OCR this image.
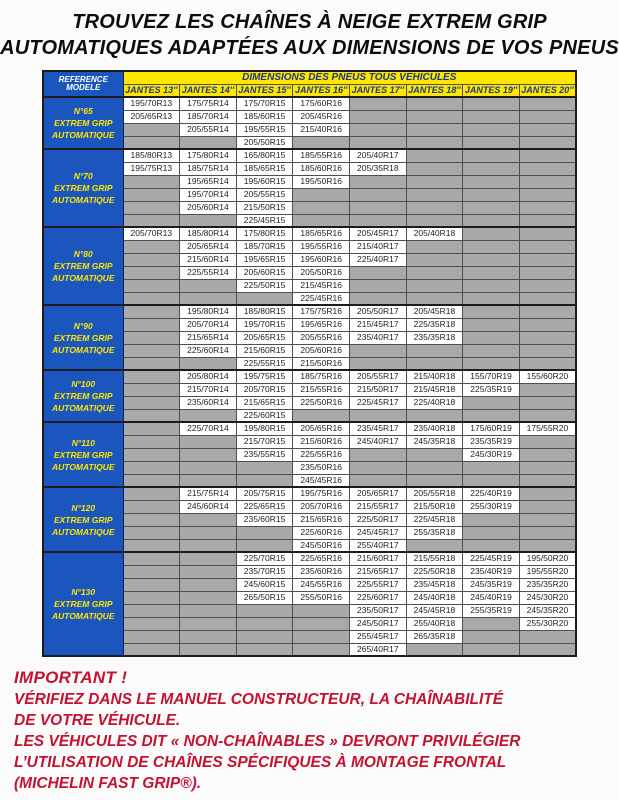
TROUVEZ LES CHAÎNES À NEIGE EXTREM GRIP
AUTOMATIQUES ADAPTÉES AUX DIMENSIONS DE VOS PNEUS
REFERENCE
MODELE	DIMENSIONS DES PNEUS TOUS VEHICULES							
	JANTES 13''	JANTES 14''	JANTES 15''	JANTES 16''	JANTES 17''	JANTES 18''	JANTES 19''	JANTES 20''

N°65
EXTREM GRIP
AUTOMATIQUE	195/70R13	175/75R14	175/70R15	175/60R16				
	205/65R13	185/70R14	185/60R15	205/45R16				
		205/55R14	195/55R15	215/40R16				
			205/50R15					

N°70
EXTREM GRIP
AUTOMATIQUE	185/80R13	175/80R14	165/80R15	185/55R16	205/40R17			
	195/75R13	185/75R14	185/65R15	185/60R16	205/35R18			
		195/65R14	195/60R15	195/50R16				
		195/70R14	205/55R15					
		205/60R14	215/50R15					
			225/45R15					

N°80
EXTREM GRIP
AUTOMATIQUE	205/70R13	185/80R14	175/80R15	185/65R16	205/45R17	205/40R18		
		205/65R14	185/70R15	195/55R16	215/40R17			
		215/60R14	195/65R15	195/60R16	225/40R17			
		225/55R14	205/60R15	205/50R16				
			225/50R15	215/45R16				
				225/45R16				

N°90
EXTREM GRIP
AUTOMATIQUE		195/80R14	185/80R15	175/75R16	205/50R17	205/45R18		
		205/70R14	195/70R15	195/65R16	215/45R17	225/35R18		
		215/65R14	205/65R15	205/55R16	235/40R17	235/35R18		
		225/60R14	215/60R15	205/60R16				
			225/55R15	215/50R16				

N°100
EXTREM GRIP
AUTOMATIQUE		205/80R14	195/75R15	185/75R16	205/55R17	215/40R18	155/70R19	155/60R20
		215/70R14	205/70R15	215/55R16	215/50R17	215/45R18	225/35R19	
		235/60R14	215/65R15	225/50R16	225/45R17	225/40R18		
			225/60R15					

N°110
EXTREM GRIP
AUTOMATIQUE		225/70R14	195/80R15	205/65R16	235/45R17	235/40R18	175/60R19	175/55R20
			215/70R15	215/60R16	245/40R17	245/35R18	235/35R19	
			235/55R15	225/55R16			245/30R19	
				235/50R16				
				245/45R16				

N°120
EXTREM GRIP
AUTOMATIQUE		215/75R14	205/75R15	195/75R16	205/65R17	205/55R18	225/40R19	
		245/60R14	225/65R15	205/70R16	215/55R17	215/50R18	255/30R19	
			235/60R15	215/65R16	225/50R17	225/45R18		
				225/60R16	245/45R17	255/35R18		
				245/50R16	255/40R17			

N°130
EXTREM GRIP
AUTOMATIQUE			225/70R15	225/65R16	215/60R17	215/55R18	225/45R19	195/50R20
			235/70R15	235/60R16	215/65R17	225/50R18	235/40R19	195/55R20
			245/60R15	245/55R16	225/55R17	235/45R18	245/35R19	235/35R20
			265/50R15	255/50R16	225/60R17	245/40R18	245/40R19	245/30R20
					235/50R17	245/45R18	255/35R19	245/35R20
					245/50R17	255/40R18		255/30R20
					255/45R17	265/35R18		
					265/40R17			

IMPORTANT !

VÉRIFIEZ DANS LE MANUEL CONSTRUCTEUR, LA CHAÎNABILITÉ

DE VOTRE VÉHICULE.

LES VÉHICULES DIT « NON-CHAÎNABLES » DEVRONT PRIVILÉGIER

L’UTILISATION DE CHAÎNES SPÉCIFIQUES À MONTAGE FRONTAL

(MICHELIN FAST GRIP®).
